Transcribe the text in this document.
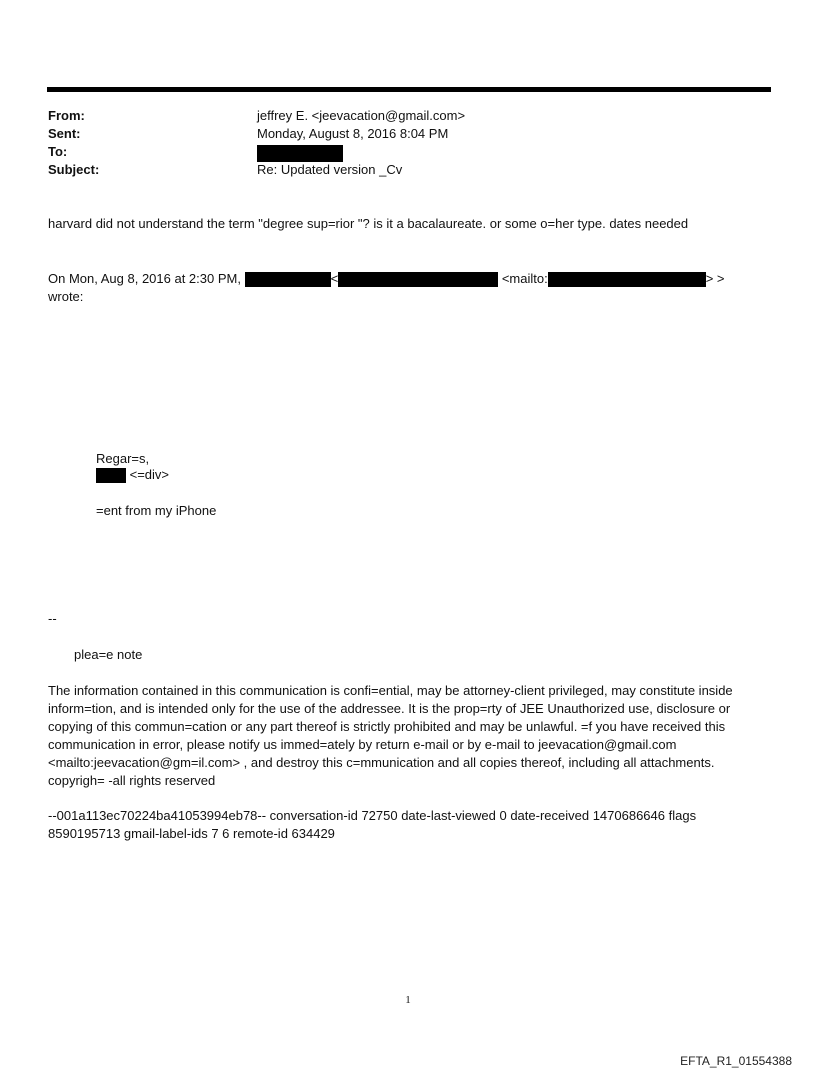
From:	jeffrey E. <jeevacation@gmail.com>
Sent:	Monday, August 8, 2016 8:04 PM
To:
Subject:	Re: Updated version _Cv
harvard did not understand the term "degree sup=rior "? is it a bacalaureate. or some o=her type. dates needed
On Mon, Aug 8, 2016 at 2:30 PM,	<	<mailto:	> >
wrote:
Regar=s,
<=div>
=ent from my iPhone
--
plea=e note
The information contained in this communication is confi=ential, may be attorney-client privileged, may constitute inside inform=tion, and is intended only for the use of the addressee. It is the prop=rty of JEE Unauthorized use, disclosure or copying of this commun=cation or any part thereof is strictly prohibited and may be unlawful. =f you have received this communication in error, please notify us immed=ately by return e-mail or by e-mail to jeevacation@gmail.com <mailto:jeevacation@gm=il.com> , and destroy this c=mmunication and all copies thereof, including all attachments. copyrigh= -all rights reserved
--001a113ec70224ba41053994eb78-- conversation-id 72750 date-last-viewed 0 date-received 1470686646 flags 8590195713 gmail-label-ids 7 6 remote-id 634429
1
EFTA_R1_01554388
